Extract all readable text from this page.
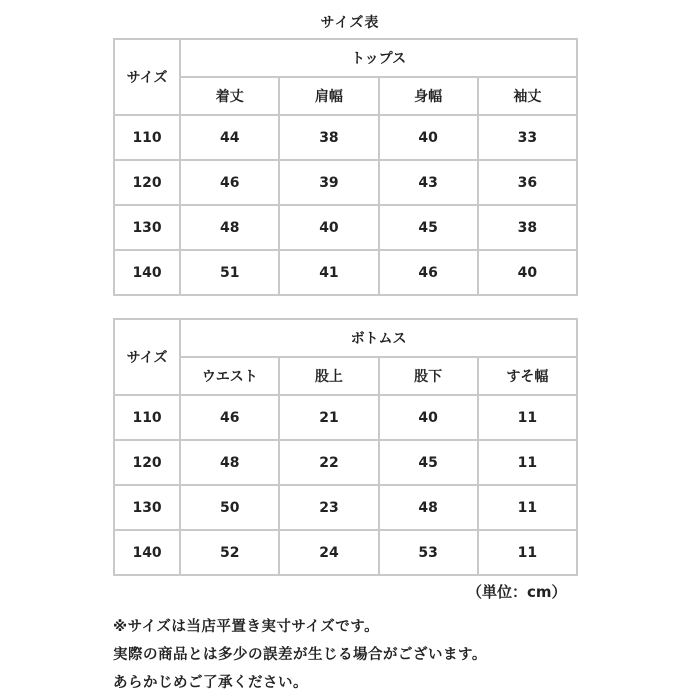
サイズ表
サイズ	トップス			
	着丈	肩幅	身幅	袖丈
110	44	38	40	33
120	46	39	43	36
130	48	40	45	38
140	51	41	46	40
サイズ	ボトムス			
	ウエスト	股上	股下	すそ幅
110	46	21	40	11
120	48	22	45	11
130	50	23	48	11
140	52	24	53	11
（単位：cm）
※サイズは当店平置き実寸サイズです。
実際の商品とは多少の誤差が生じる場合がございます。
あらかじめご了承ください。
